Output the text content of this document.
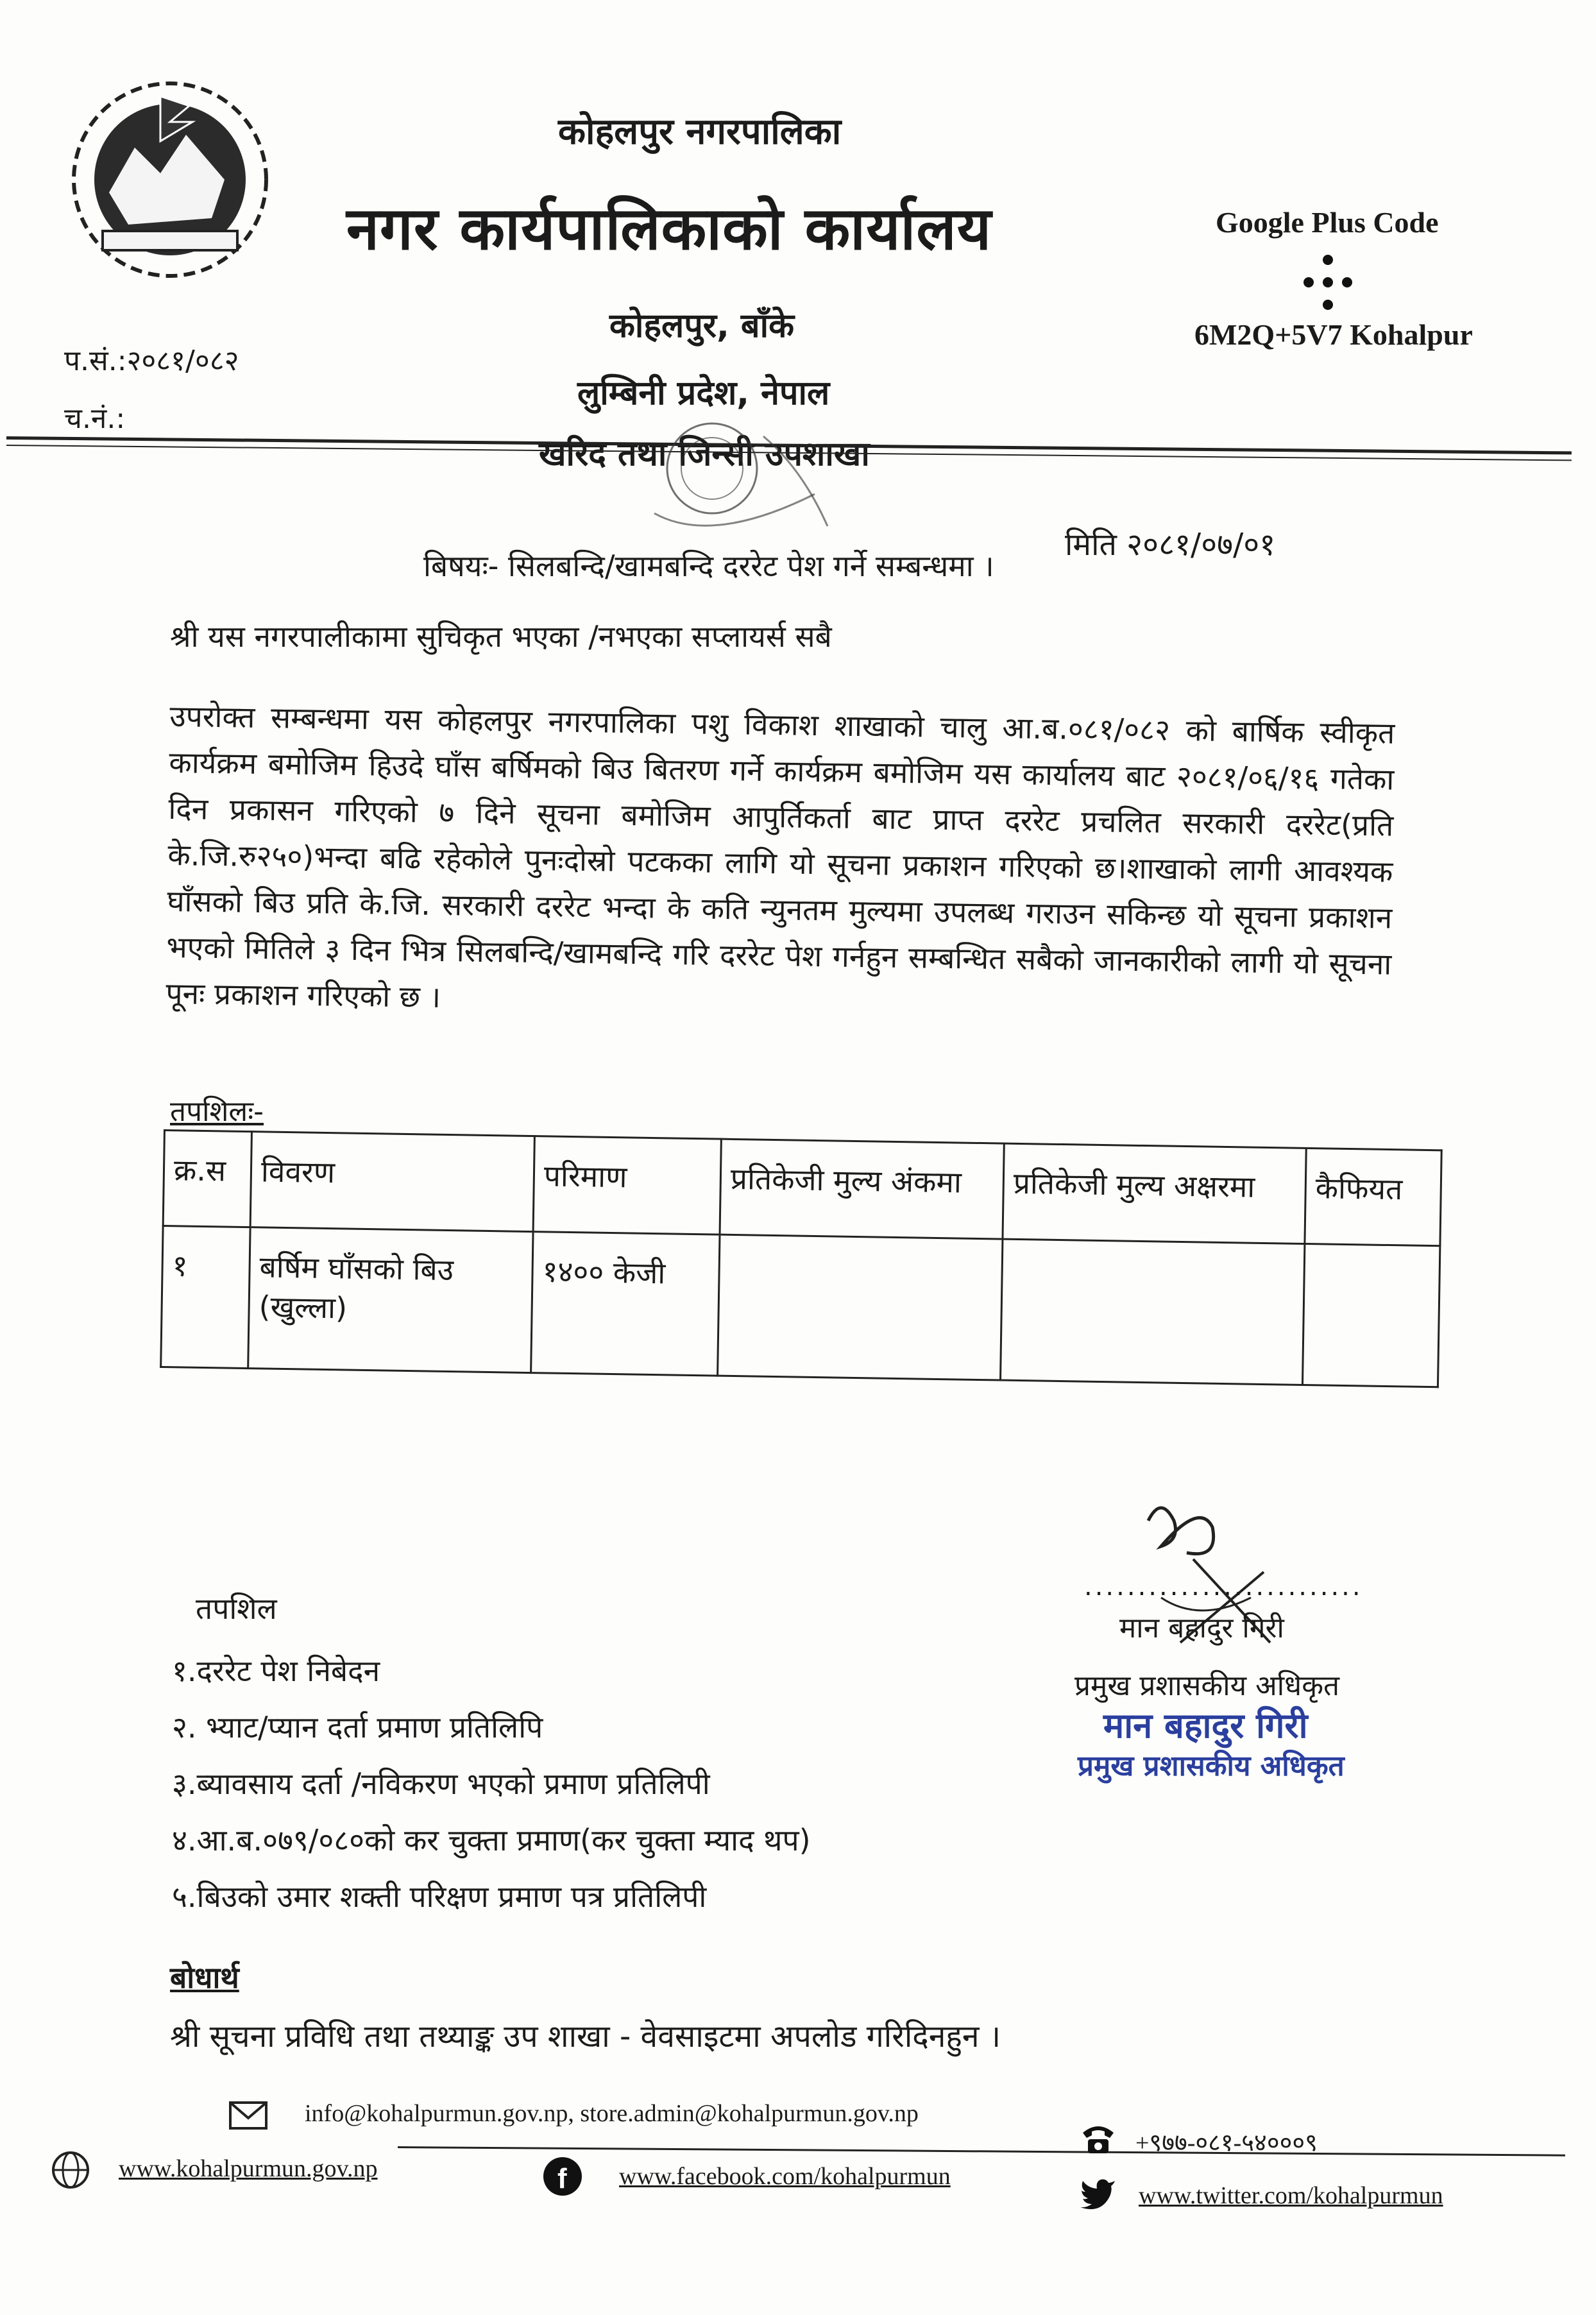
कोहलपुर नगरपालिका
नगर कार्यपालिकाको कार्यालय
कोहलपुर, बाँके
लुम्बिनी प्रदेश, नेपाल
खरिद तथा जिन्सी उपशाखा
Google Plus Code
6M2Q+5V7 Kohalpur
प.सं.:२०८१/०८२
च.नं.:
मिति २०८१/०७/०१
बिषयः- सिलबन्दि/खामबन्दि दररेट पेश गर्ने सम्बन्धमा ।
श्री यस नगरपालीकामा सुचिकृत भएका /नभएका सप्लायर्स सबै
उपरोक्त सम्बन्धमा यस कोहलपुर नगरपालिका पशु विकाश शाखाको चालु आ.ब.०८१/०८२ को बार्षिक स्वीकृत कार्यक्रम बमोजिम हिउदे घाँस बर्षिमको बिउ बितरण गर्ने कार्यक्रम बमोजिम यस कार्यालय बाट २०८१/०६/१६ गतेका दिन प्रकासन गरिएको ७ दिने सूचना बमोजिम आपुर्तिकर्ता बाट प्राप्त दररेट प्रचलित सरकारी दररेट(प्रति के.जि.रु२५०)भन्दा बढि रहेकोले पुनःदोस्रो पटकका लागि यो सूचना प्रकाशन गरिएको छ।शाखाको लागी आवश्यक घाँसको बिउ प्रति के.जि. सरकारी दररेट भन्दा के कति न्युनतम मुल्यमा उपलब्ध गराउन सकिन्छ यो सूचना प्रकाशन भएको मितिले ३ दिन भित्र सिलबन्दि/खामबन्दि गरि दररेट पेश गर्नहुन सम्बन्धित सबैको जानकारीको लागी यो सूचना पूनः प्रकाशन गरिएको छ ।
तपशिलः-
क्र.स	विवरण	परिमाण	प्रतिकेजी मुल्य अंकमा	प्रतिकेजी मुल्य अक्षरमा	कैफियत
१	बर्षिम घाँसको बिउ (खुल्ला)	१४०० केजी			
..........................
मान बहादुर गिरी
प्रमुख प्रशासकीय अधिकृत
मान बहादुर गिरी
प्रमुख प्रशासकीय अधिकृत
तपशिल
१.दररेट पेश निबेदन
२. भ्याट/प्यान दर्ता प्रमाण प्रतिलिपि
३.ब्यावसाय दर्ता /नविकरण भएको प्रमाण प्रतिलिपी
४.आ.ब.०७९/०८०को कर चुक्ता प्रमाण(कर चुक्ता म्याद थप)
५.बिउको उमार शक्ती परिक्षण प्रमाण पत्र प्रतिलिपी
बोधार्थ
श्री सूचना प्रविधि तथा तथ्याङ्क उप शाखा - वेवसाइटमा अपलोड गरिदिनहुन ।
info@kohalpurmun.gov.np, store.admin@kohalpurmun.gov.np
www.kohalpurmun.gov.np	f www.facebook.com/kohalpurmun
+९७७-०८१-५४०००९
www.twitter.com/kohalpurmun
